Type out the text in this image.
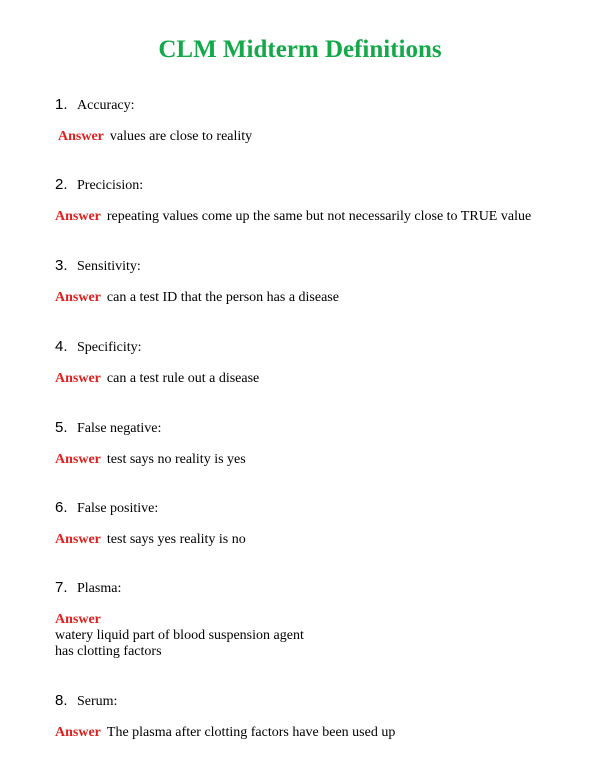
CLM Midterm Definitions
1. Accuracy:
Answer values are close to reality
2. Precicision:
Answer repeating values come up the same but not necessarily close to TRUE value
3. Sensitivity:
Answer can a test ID that the person has a disease
4. Specificity:
Answer can a test rule out a disease
5. False negative:
Answer test says no reality is yes
6. False positive:
Answer test says yes reality is no
7. Plasma:
Answer
watery liquid part of blood suspension agent
has clotting factors
8. Serum:
Answer The plasma after clotting factors have been used up
